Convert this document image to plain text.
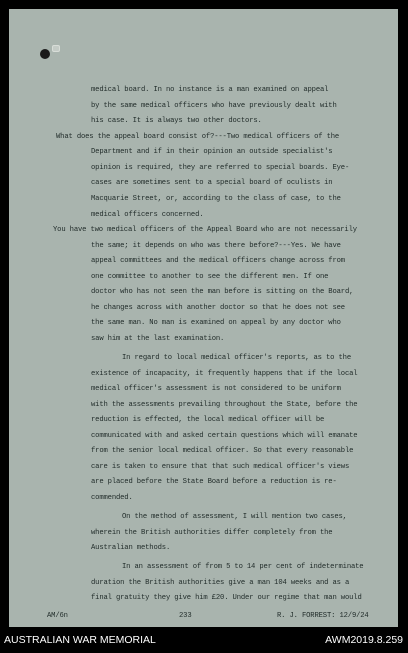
medical board. In no instance is a man examined on appeal
by the same medical officers who have previously dealt with
his case. It is always two other doctors.
What does the appeal board consist of?---Two medical officers of the
Department and if in their opinion an outside specialist's
opinion is required, they are referred to special boards. Eye-
cases are sometimes sent to a special board of oculists in
Macquarie Street, or, according to the class of case, to the
medical officers concerned.
You have two medical officers of the Appeal Board who are not necessarily
the same; it depends on who was there before?---Yes. We have
appeal committees and the medical officers change across from
one committee to another to see the different men. If one
doctor who has not seen the man before is sitting on the Board,
he changes across with another doctor so that he does not see
the same man. No man is examined on appeal by any doctor who
saw him at the last examination.
In regard to local medical officer's reports, as to the
existence of incapacity, it frequently happens that if the local
medical officer's assessment is not considered to be uniform
with the assessments prevailing throughout the State, before the
reduction is effected, the local medical officer will be
communicated with and asked certain questions which will emanate
from the senior local medical officer. So that every reasonable
care is taken to ensure that that such medical officer's views
are placed before the State Board before a reduction is re-
commended.
On the method of assessment, I will mention two cases,
wherein the British authorities differ completely from the
Australian methods.
In an assessment of from 5 to 14 per cent of indeterminate
duration the British authorities give a man 104 weeks and as a
final gratuity they give him £20. Under our regime that man would
AM/6n	233	R. J. FORREST: 12/9/24
AUSTRALIAN WAR MEMORIAL	AWM2019.8.259
